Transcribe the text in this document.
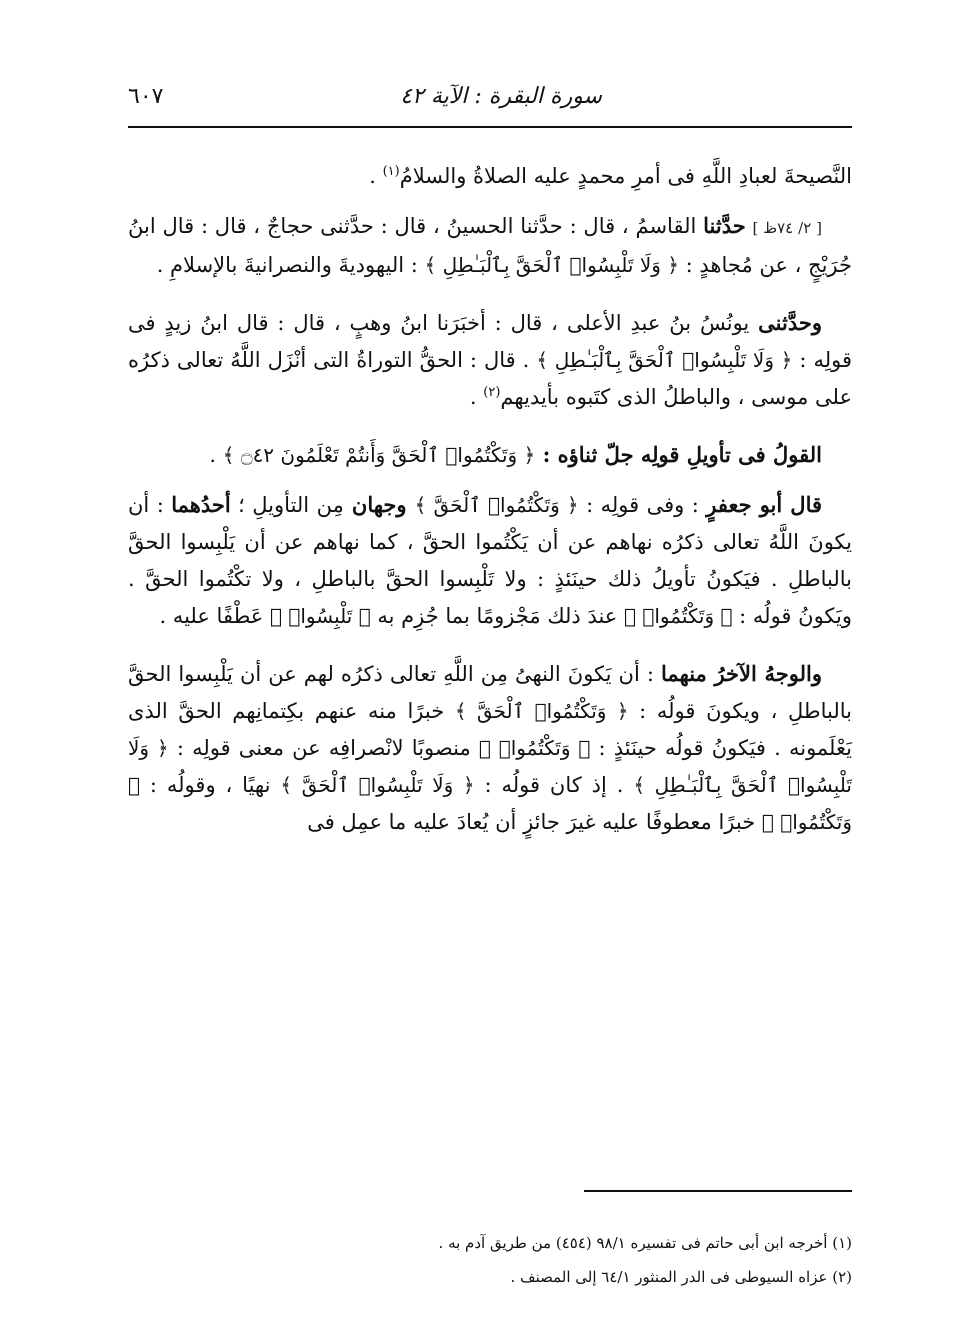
سورة البقرة : الآية ٤٢
٦٠٧

النَّصيحةَ لعبادِ اللَّهِ فى أمرِ محمدٍ عليه الصلاةُ والسلامُ$^{(١)}$ .

[ ٢/ ٧٤ظ ] حدَّثنا القاسمُ ، قال : حدَّثنا الحسينُ ، قال : حدَّثنى حجاجٌ ، قال : قال ابنُ جُرَيْجٍ ، عن مُجاهدٍ : ﴿ وَلَا تَلْبِسُوا۟ ٱلْحَقَّ بِٱلْبَـٰطِلِ ﴾ : اليهوديةَ والنصرانيةَ بالإسلامِ .

وحدَّثنى يونُسُ بنُ عبدِ الأعلى ، قال : أخبَرَنا ابنُ وهبٍ ، قال : قال ابنُ زيدٍ فى قولِه : ﴿ وَلَا تَلْبِسُوا۟ ٱلْحَقَّ بِٱلْبَـٰطِلِ ﴾ . قال : الحقُّ التوراةُ التى أنْزَل اللَّهُ تعالى ذكرُه على موسى ، والباطلُ الذى كتَبوه بأيديهم$^{(٢)}$ .

القولُ فى تأويلِ قولِه جلّ ثناؤه : ﴿ وَتَكْتُمُوا۟ ٱلْحَقَّ وَأَنتُمْ تَعْلَمُونَ ۝٤٢ ﴾ .

قال أبو جعفرٍ : وفى قولِه : ﴿ وَتَكْتُمُوا۟ ٱلْحَقَّ ﴾ وجهان مِن التأويلِ ؛ أحدُهما : أن يكونَ اللَّهُ تعالى ذكرُه نهاهم عن أن يَكْتُموا الحقَّ ، كما نهاهم عن أن يَلْبِسوا الحقَّ بالباطلِ . فيَكونُ تأويلُ ذلك حينَئذٍ : ولا تَلْبِسوا الحقَّ بالباطلِ ، ولا تكْتُموا الحقَّ . ويَكونُ قولُه : ﴿ وَتَكْتُمُوا۟ ﴾ عندَ ذلك مَجْزومًا بما جُزِم به ﴿ تَلْبِسُوا۟ ﴾ عَطْفًا عليه .

والوجهُ الآخرُ منهما : أن يَكونَ النهىُ مِن اللَّهِ تعالى ذكرُه لهم عن أن يَلْبِسوا الحقَّ بالباطلِ ، ويكونَ قولُه : ﴿ وَتَكْتُمُوا۟ ٱلْحَقَّ ﴾ خبرًا منه عنهم بكِتمانِهم الحقَّ الذى يَعْلَمونه . فيَكونُ قولُه حينَئذٍ : ﴿ وَتَكْتُمُوا۟ ﴾ منصوبًا لانْصرافِه عن معنى قولِه : ﴿ وَلَا تَلْبِسُوا۟ ٱلْحَقَّ بِٱلْبَـٰطِلِ ﴾ . إذ كان قولُه : ﴿ وَلَا تَلْبِسُوا۟ ٱلْحَقَّ ﴾ نهيًا ، وقولُه : ﴿ وَتَكْتُمُوا۟ ﴾ خبرًا معطوفًا عليه غيرَ جائزٍ أن يُعادَ عليه ما عمِل فى

(١) أخرجه ابن أبى حاتم فى تفسيره ٩٨/١ (٤٥٤) من طريق آدم به .

(٢) عزاه السيوطى فى الدر المنثور ٦٤/١ إلى المصنف .
